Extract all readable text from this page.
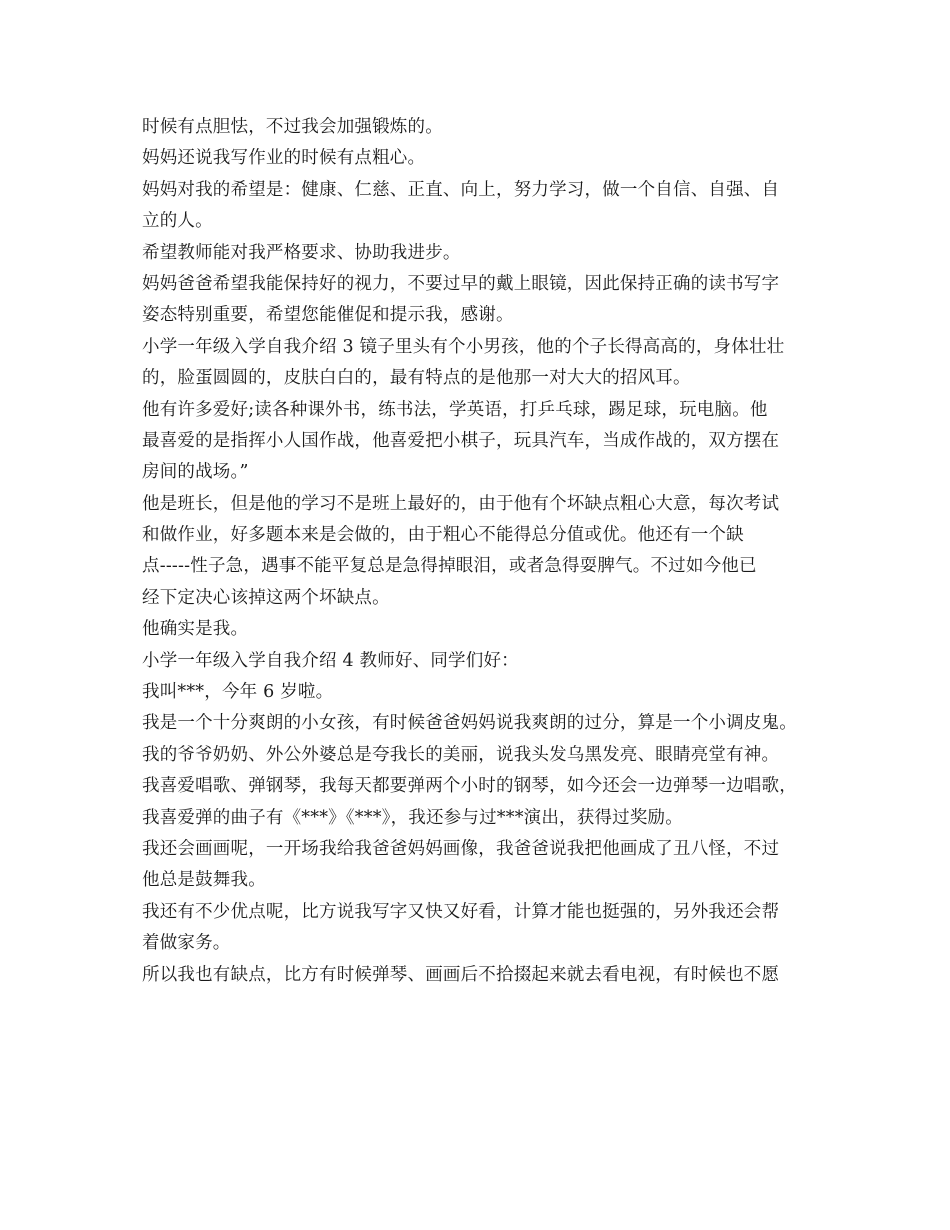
时候有点胆怯，不过我会加强锻炼的。
妈妈还说我写作业的时候有点粗心。
妈妈对我的希望是：健康、仁慈、正直、向上，努力学习，做一个自信、自强、自
立的人。
希望教师能对我严格要求、协助我进步。
妈妈爸爸希望我能保持好的视力，不要过早的戴上眼镜，因此保持正确的读书写字
姿态特别重要，希望您能催促和提示我，感谢。
小学一年级入学自我介绍 3 镜子里头有个小男孩，他的个子长得高高的，身体壮壮
的，脸蛋圆圆的，皮肤白白的，最有特点的是他那一对大大的招风耳。
他有许多爱好;读各种课外书，练书法，学英语，打乒乓球，踢足球，玩电脑。他
最喜爱的是指挥小人国作战，他喜爱把小棋子，玩具汽车，当成作战的，双方摆在
房间的战场。”
他是班长，但是他的学习不是班上最好的，由于他有个坏缺点粗心大意，每次考试
和做作业，好多题本来是会做的，由于粗心不能得总分值或优。他还有一个缺
点-----性子急，遇事不能平复总是急得掉眼泪，或者急得耍脾气。不过如今他已
经下定决心该掉这两个坏缺点。
他确实是我。
小学一年级入学自我介绍 4 教师好、同学们好：
我叫***，今年 6 岁啦。
我是一个十分爽朗的小女孩，有时候爸爸妈妈说我爽朗的过分，算是一个小调皮鬼。
我的爷爷奶奶、外公外婆总是夸我长的美丽，说我头发乌黑发亮、眼睛亮堂有神。
我喜爱唱歌、弹钢琴，我每天都要弹两个小时的钢琴，如今还会一边弹琴一边唱歌，
我喜爱弹的曲子有《***》《***》，我还参与过***演出，获得过奖励。
我还会画画呢，一开场我给我爸爸妈妈画像，我爸爸说我把他画成了丑八怪，不过
他总是鼓舞我。
我还有不少优点呢，比方说我写字又快又好看，计算才能也挺强的，另外我还会帮
着做家务。
所以我也有缺点，比方有时候弹琴、画画后不拾掇起来就去看电视，有时候也不愿
